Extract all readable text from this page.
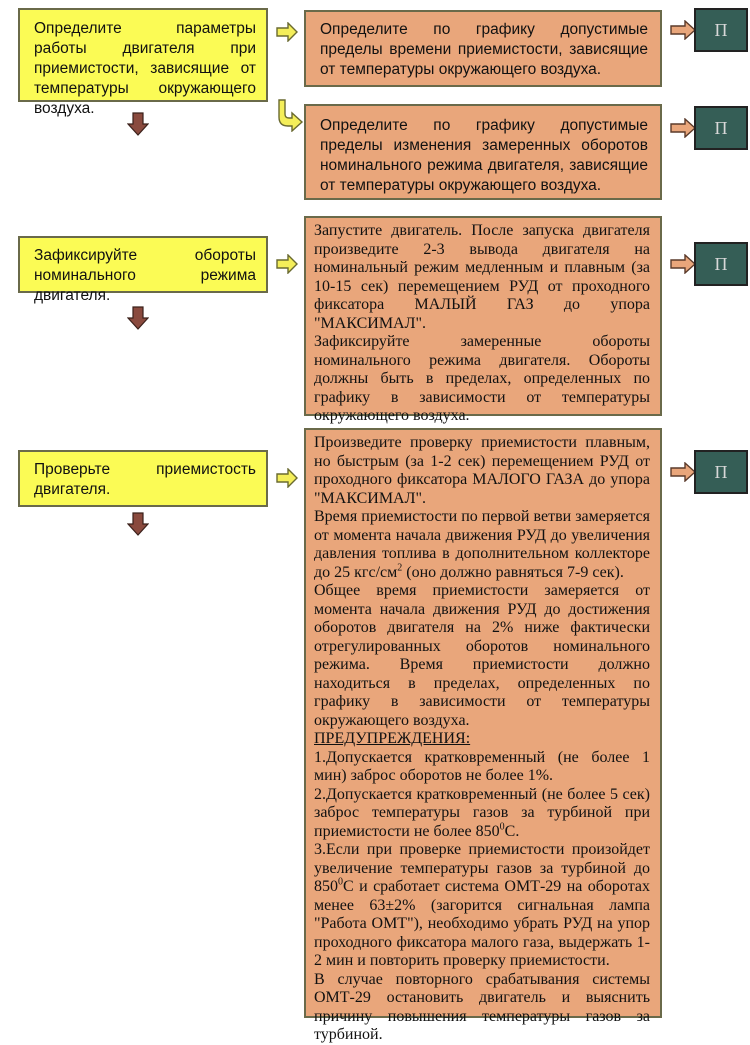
Определите параметры работы двигателя при приемистости, зависящие от температуры окружающего воздуха.
Определите по графику допустимые пределы времени приемистости, зависящие от температуры окружающего воздуха.
П
Определите по графику допустимые пределы изменения замеренных оборотов номинального режима двигателя, зависящие от температуры окружающего воздуха.
П
Зафиксируйте обороты номинального режима двигателя.

Запустите двигатель. После запуска двигателя произведите 2-3 вывода двигателя на номинальный режим медленным и плавным (за 10-15 сек) перемещением РУД от проходного фиксатора МАЛЫЙ ГАЗ до упора "МАКСИМАЛ".

Зафиксируйте замеренные обороты номинального режима двигателя. Обороты должны быть в пределах, определенных по графику в зависимости от температуры окружающего воздуха.

П
Проверьте приемистость двигателя.

Произведите проверку приемистости плавным, но быстрым (за 1-2 сек) перемещением РУД от проходного фиксатора МАЛОГО ГАЗА до упора "МАКСИМАЛ".

Время приемистости по первой ветви замеряется от момента начала движения РУД до увеличения давления топлива в дополнительном коллекторе до 25 кгс/$см^2$ (оно должно равняться 7-9 сек).

Общее время приемистости замеряется от момента начала движения РУД до достижения оборотов двигателя на 2% ниже фактически отрегулированных оборотов номинального режима. Время приемистости должно находиться в пределах, определенных по графику в зависимости от температуры окружающего воздуха.

ПРЕДУПРЕЖДЕНИЯ:

1.Допускается кратковременный (не более 1 мин) заброс оборотов не более 1%.

2.Допускается кратковременный (не более 5 сек) заброс температуры газов за турбиной при приемистости не более $850^0С$.

3.Если при проверке приемистости произойдет увеличение температуры газов за турбиной до $850^0С$ и сработает система ОМТ-29 на оборотах менее 63±2% (загорится сигнальная лампа "Работа ОМТ"), необходимо убрать РУД на упор проходного фиксатора малого газа, выдержать 1-2 мин и повторить проверку приемистости.

В случае повторного срабатывания системы ОМТ-29 остановить двигатель и выяснить причину повышения температуры газов за турбиной.

П
